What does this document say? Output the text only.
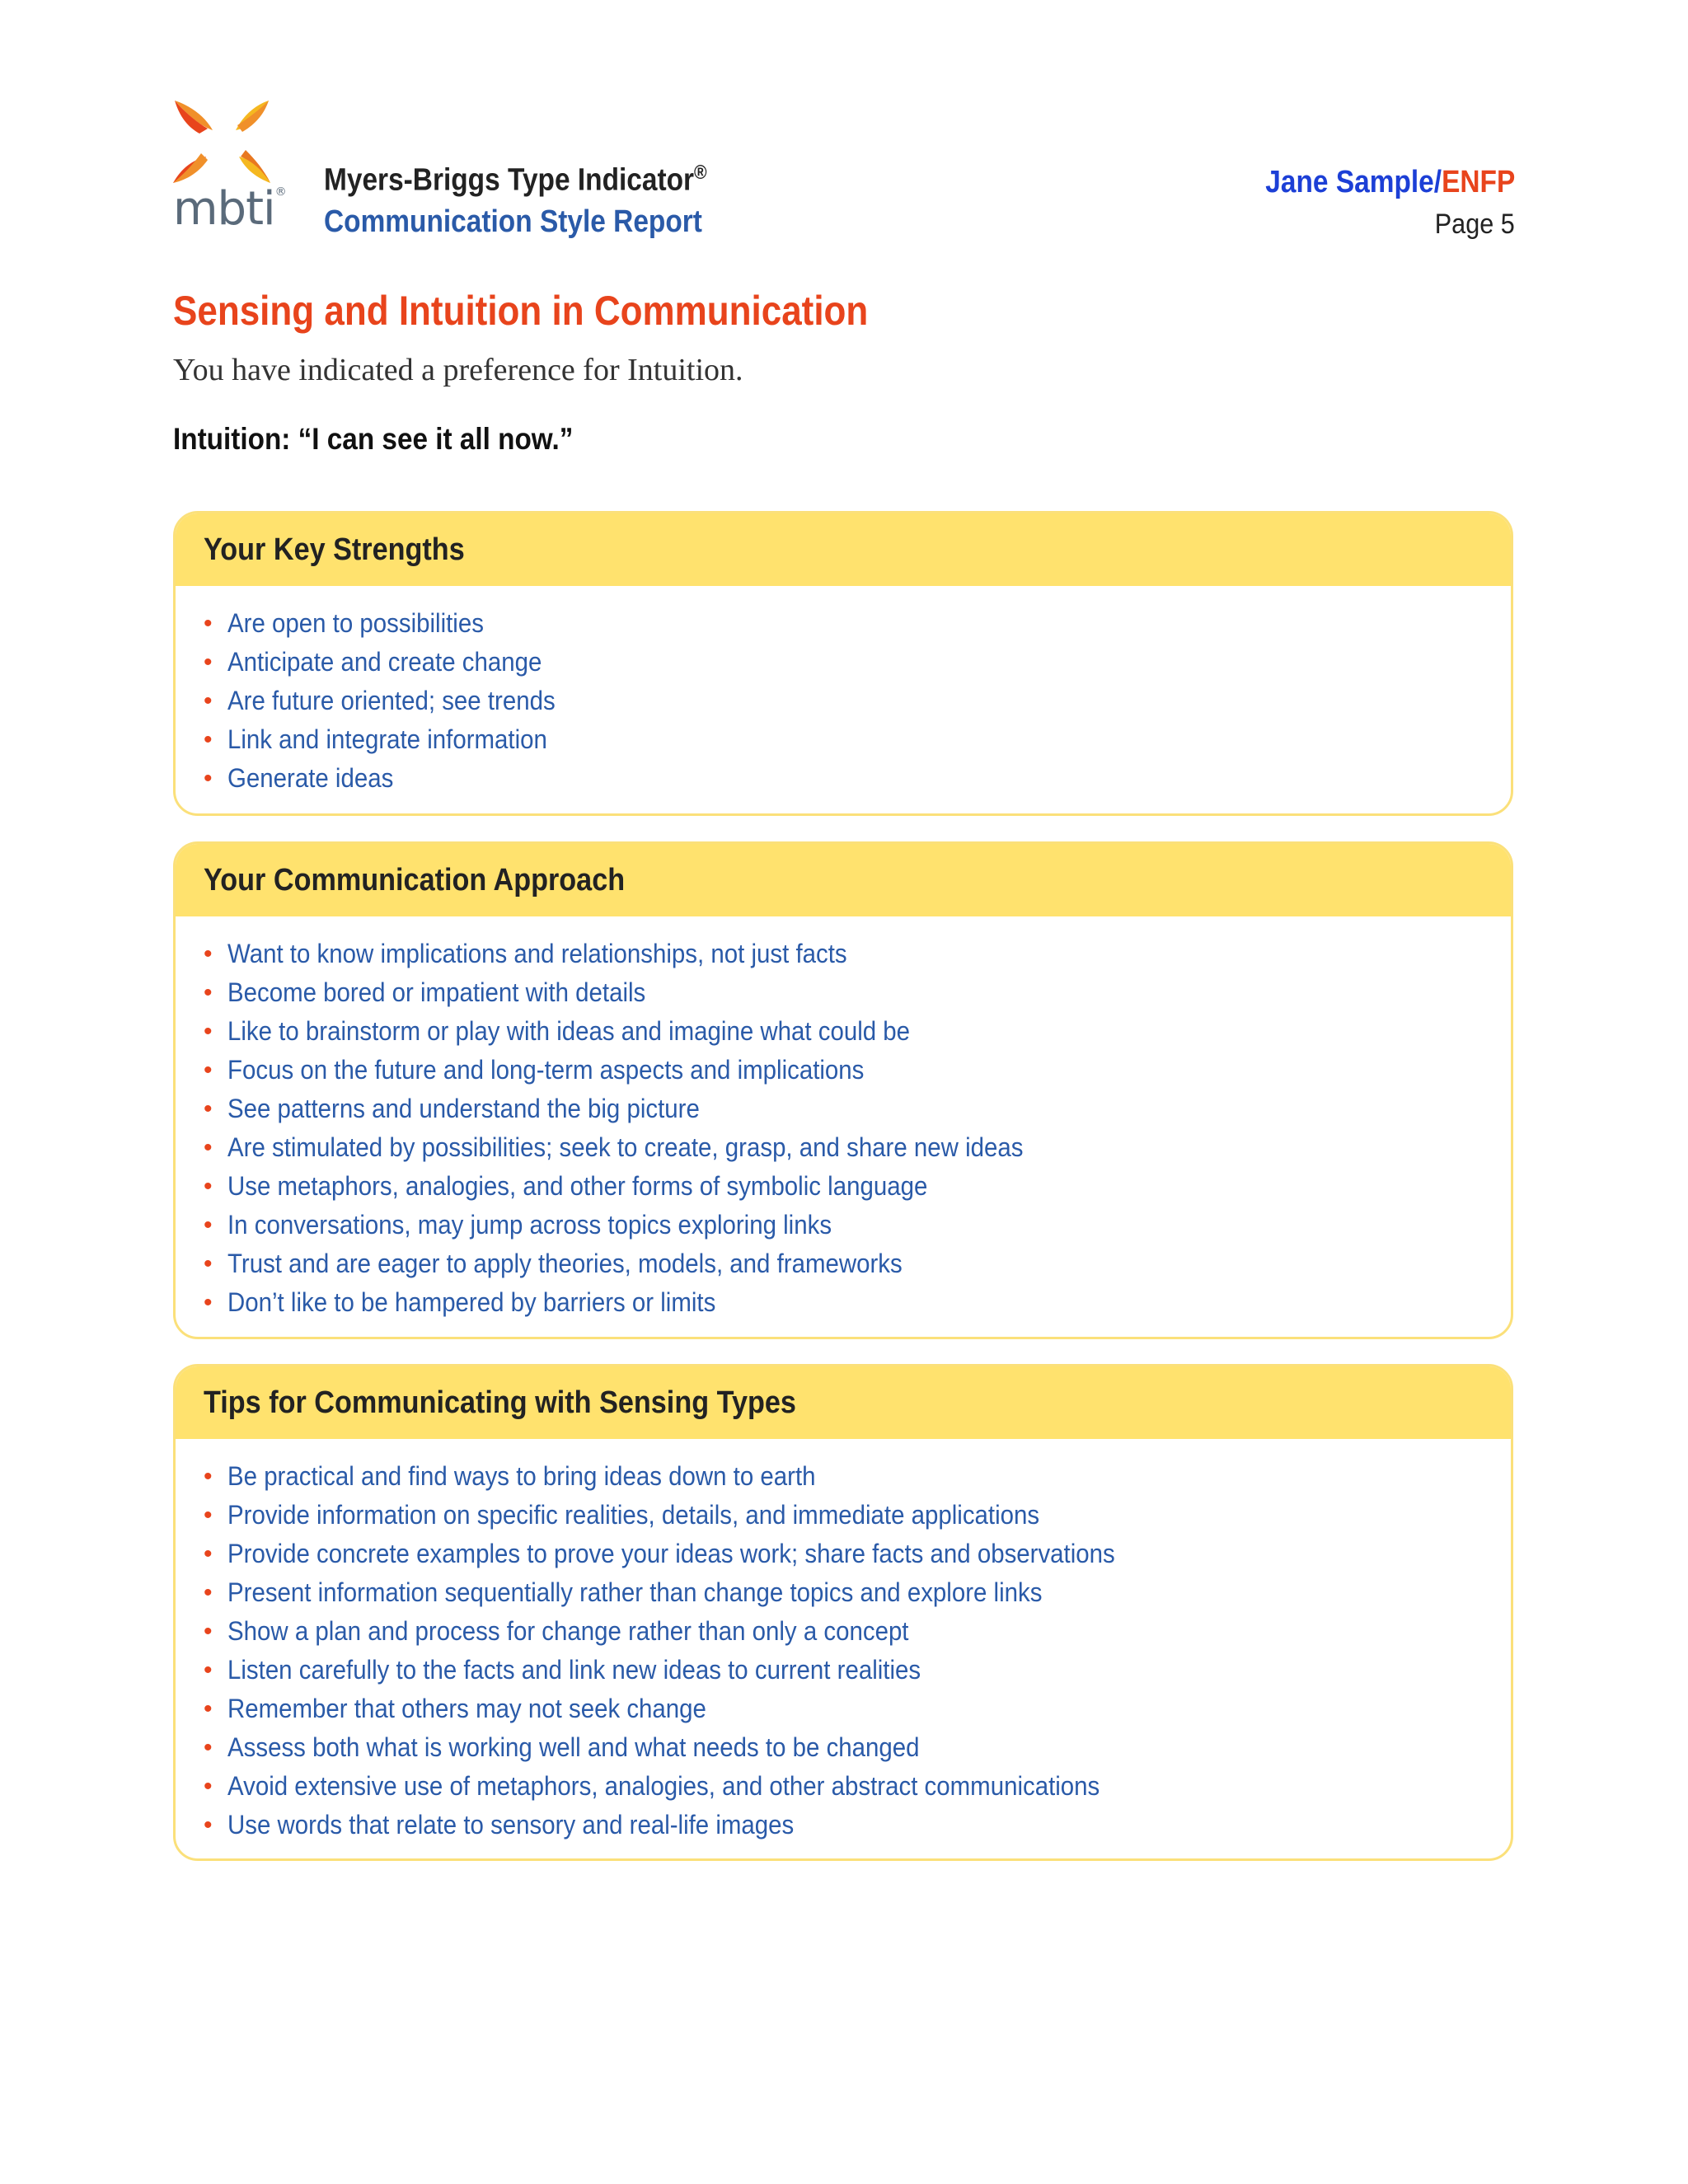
mbti® Myers-Briggs Type Indicator®
Communication Style Report
Jane Sample/ENFP
Page 5
Sensing and Intuition in Communication
You have indicated a preference for Intuition.
Intuition: “I can see it all now.”
Your Key Strengths
• Are open to possibilities
• Anticipate and create change
• Are future oriented; see trends
• Link and integrate information
• Generate ideas
Your Communication Approach
• Want to know implications and relationships, not just facts
• Become bored or impatient with details
• Like to brainstorm or play with ideas and imagine what could be
• Focus on the future and long-term aspects and implications
• See patterns and understand the big picture
• Are stimulated by possibilities; seek to create, grasp, and share new ideas
• Use metaphors, analogies, and other forms of symbolic language
• In conversations, may jump across topics exploring links
• Trust and are eager to apply theories, models, and frameworks
• Don’t like to be hampered by barriers or limits
Tips for Communicating with Sensing Types
• Be practical and find ways to bring ideas down to earth
• Provide information on specific realities, details, and immediate applications
• Provide concrete examples to prove your ideas work; share facts and observations
• Present information sequentially rather than change topics and explore links
• Show a plan and process for change rather than only a concept
• Listen carefully to the facts and link new ideas to current realities
• Remember that others may not seek change
• Assess both what is working well and what needs to be changed
• Avoid extensive use of metaphors, analogies, and other abstract communications
• Use words that relate to sensory and real-life images
